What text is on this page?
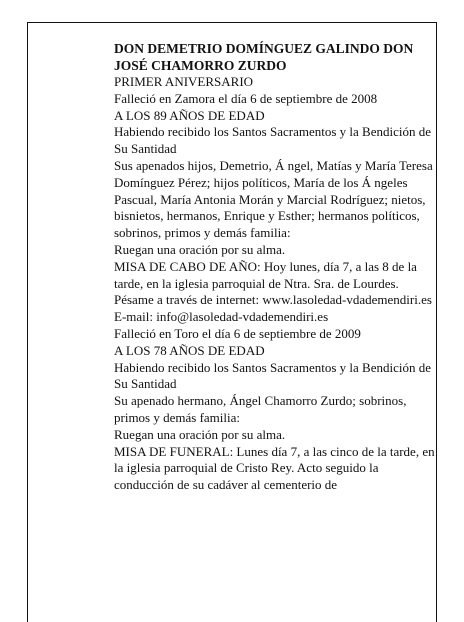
DON DEMETRIO DOMÍNGUEZ GALINDO DON JOSÉ CHAMORRO ZURDO

PRIMER ANIVERSARIO

Falleció en Zamora el día 6 de septiembre de 2008

A LOS 89 AÑOS DE EDAD

Habiendo recibido los Santos Sacramentos y la Bendición de Su Santidad

Sus apenados hijos, Demetrio, Á ngel, Matías y María Teresa Domínguez Pérez; hijos políticos, María de los Á ngeles Pascual, María Antonia Morán y Marcial Rodríguez; nietos, bisnietos, hermanos, Enrique y Esther; hermanos políticos, sobrinos, primos y demás familia:

Ruegan una oración por su alma.

MISA DE CABO DE AÑO: Hoy lunes, día 7, a las 8 de la tarde, en la iglesia parroquial de Ntra. Sra. de Lourdes.

Pésame a través de internet: www.lasoledad-vdademendiri.es

E-mail: info@lasoledad-vdademendiri.es

Falleció en Toro el día 6 de septiembre de 2009

A LOS 78 AÑOS DE EDAD

Habiendo recibido los Santos Sacramentos y la Bendición de Su Santidad

Su apenado hermano, Ángel Chamorro Zurdo; sobrinos, primos y demás familia:

Ruegan una oración por su alma.

MISA DE FUNERAL: Lunes día 7, a las cinco de la tarde, en la iglesia parroquial de Cristo Rey. Acto seguido la conducción de su cadáver al cementerio de
